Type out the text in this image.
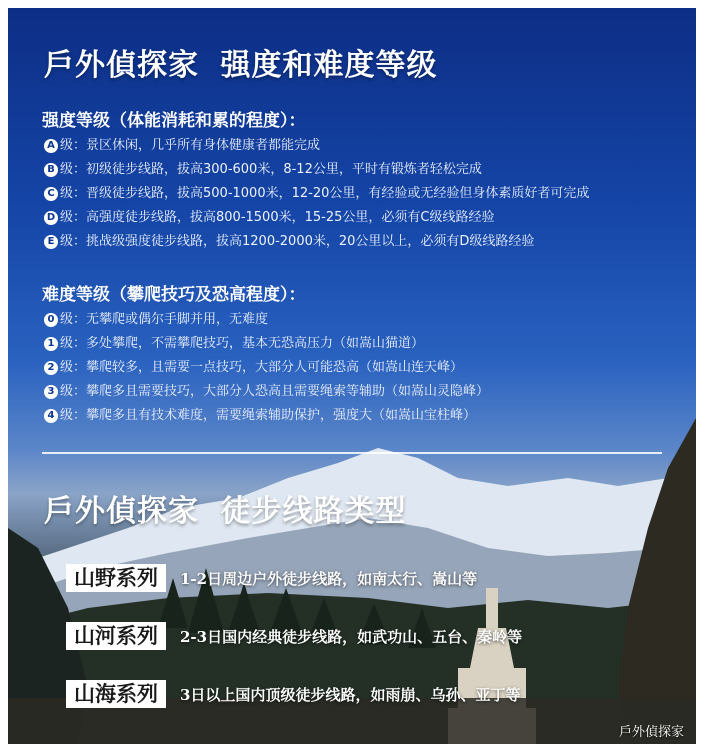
戶外偵探家 强度和难度等级
强度等级（体能消耗和累的程度）：
A 级：景区休闲，几乎所有身体健康者都能完成
B 级：初级徒步线路，拔高300-600米，8-12公里，平时有锻炼者轻松完成
C 级：晋级徒步线路，拔高500-1000米，12-20公里，有经验或无经验但身体素质好者可完成
D 级：高强度徒步线路，拔高800-1500米，15-25公里，必须有C级线路经验
E 级：挑战级强度徒步线路，拔高1200-2000米，20公里以上，必须有D级线路经验
难度等级（攀爬技巧及恐高程度）：
0 级：无攀爬或偶尔手脚并用，无难度
1 级：多处攀爬，不需攀爬技巧，基本无恐高压力（如嵩山猫道）
2 级：攀爬较多，且需要一点技巧，大部分人可能恐高（如嵩山连天峰）
3 级：攀爬多且需要技巧，大部分人恐高且需要绳索等辅助（如嵩山灵隐峰）
4 级：攀爬多且有技术难度，需要绳索辅助保护，强度大（如嵩山宝柱峰）
戶外偵探家 徒步线路类型
山野系列 1-2日周边户外徒步线路，如南太行、嵩山等
山河系列 2-3日国内经典徒步线路，如武功山、五台、秦岭等
山海系列 3日以上国内顶级徒步线路，如雨崩、乌孙、亚丁等
戶外偵探家
